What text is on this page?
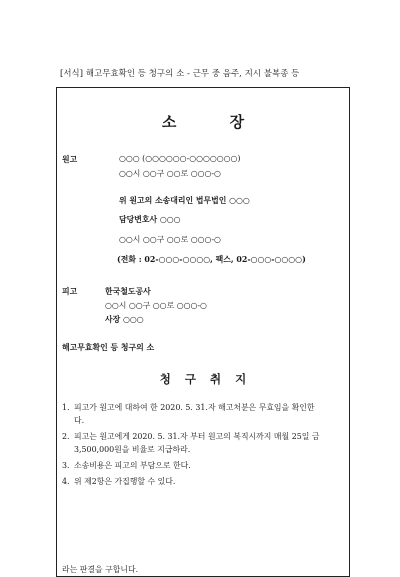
[서식] 해고무효확인 등 청구의 소 - 근무 중 음주, 지시 불복종 등
소 장
원고	○○○ (○○○○○○-○○○○○○○)
○○시 ○○구 ○○로 ○○○-○
위 원고의 소송대리인 법무법인 ○○○
담당변호사 ○○○
○○시 ○○구 ○○로 ○○○-○
(전화 : 02-○○○-○○○○, 팩스, 02-○○○-○○○○)
피고	한국철도공사
○○시 ○○구 ○○로 ○○○-○
사장 ○○○
해고무효확인 등 청구의 소
청 구 취 지
1. 피고가 원고에 대하여 한 2020. 5. 31.자 해고처분은 무효임을 확인한
다.
2. 피고는 원고에게 2020. 5. 31.자 부터 원고의 복직시까지 매월 25일 금
3,500,000원을 비율로 지급하라.
3. 소송비용은 피고의 부담으로 한다.
4. 위 제2항은 가집행할 수 있다.
라는 판결을 구합니다.
